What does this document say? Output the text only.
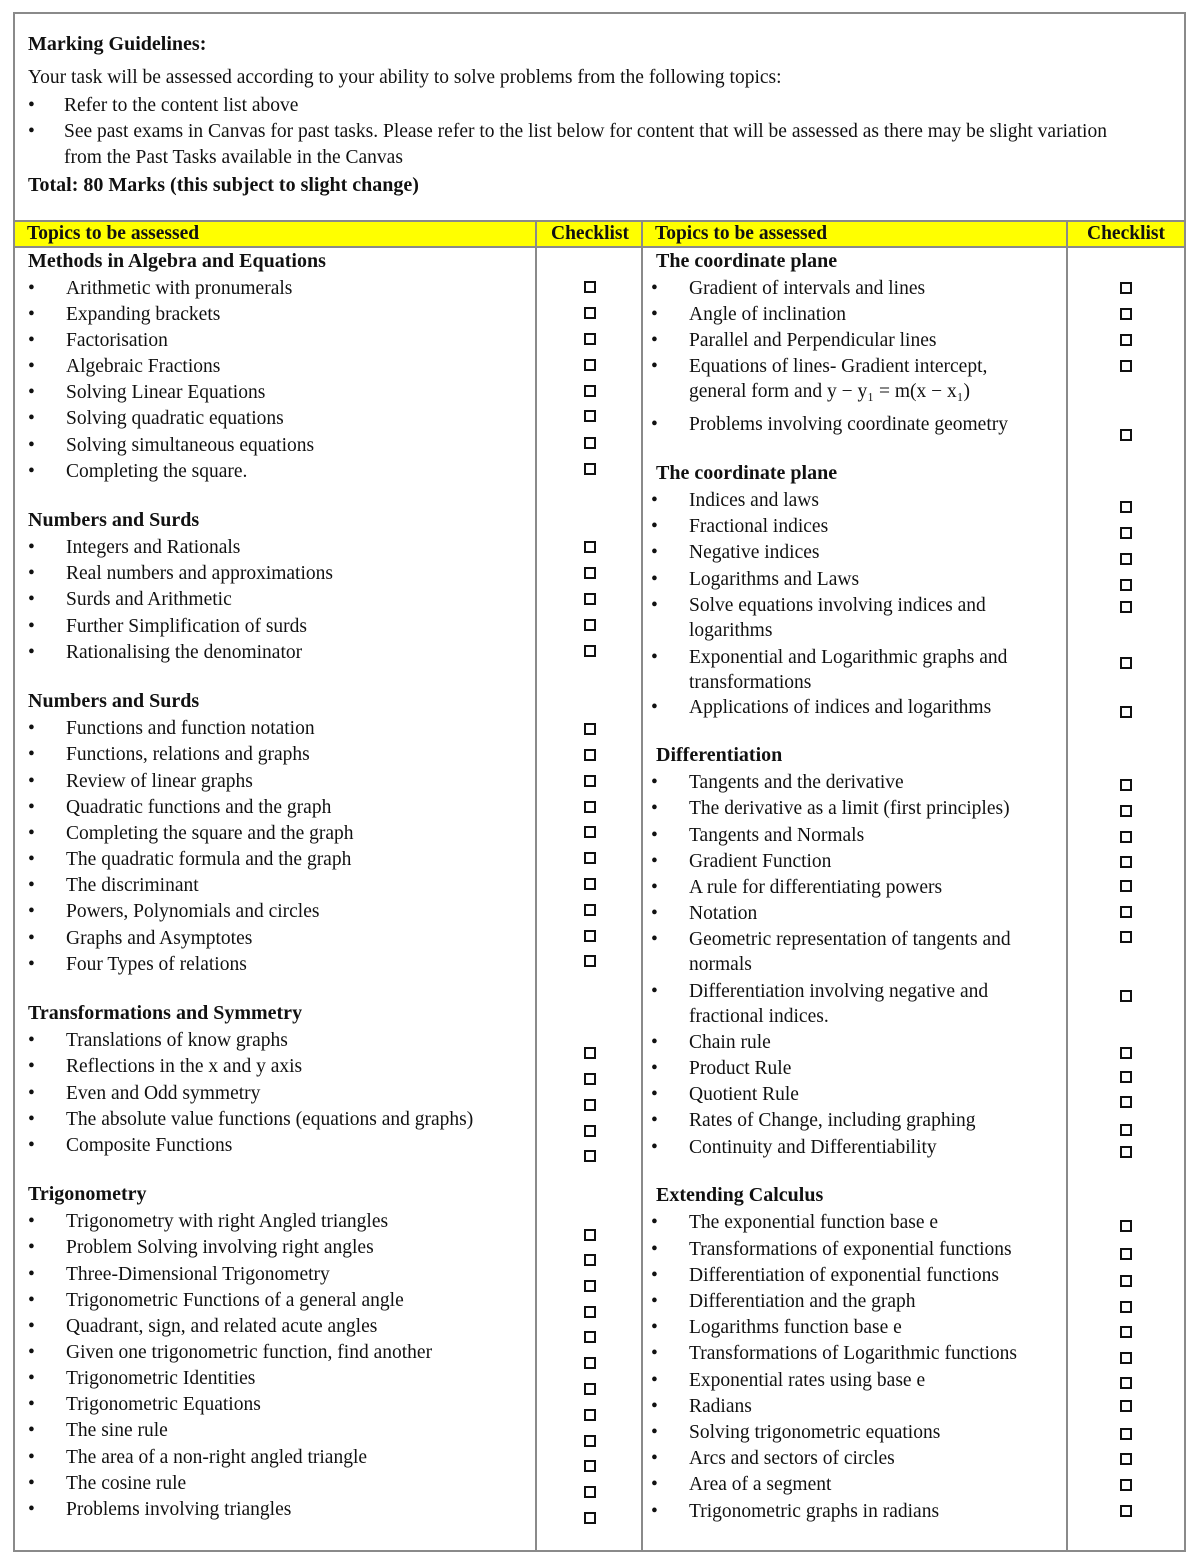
Marking Guidelines:
Your task will be assessed according to your ability to solve problems from the following topics:
•	Refer to the content list above
•	See past exams in Canvas for past tasks. Please refer to the list below for content that will be assessed as there may be slight variation from the Past Tasks available in the Canvas
Total: 80 Marks (this subject to slight change)
Topics to be assessed	Checklist	Topics to be assessed	Checklist
Methods in Algebra and Equations
•	Arithmetic with pronumerals
•	Expanding brackets
•	Factorisation
•	Algebraic Fractions
•	Solving Linear Equations
•	Solving quadratic equations
•	Solving simultaneous equations
•	Completing the square.
Numbers and Surds
•	Integers and Rationals
•	Real numbers and approximations
•	Surds and Arithmetic
•	Further Simplification of surds
•	Rationalising the denominator
Numbers and Surds
•	Functions and function notation
•	Functions, relations and graphs
•	Review of linear graphs
•	Quadratic functions and the graph
•	Completing the square and the graph
•	The quadratic formula and the graph
•	The discriminant
•	Powers, Polynomials and circles
•	Graphs and Asymptotes
•	Four Types of relations
Transformations and Symmetry
•	Translations of know graphs
•	Reflections in the x and y axis
•	Even and Odd symmetry
•	The absolute value functions (equations and graphs)
•	Composite Functions
Trigonometry
•	Trigonometry with right Angled triangles
•	Problem Solving involving right angles
•	Three-Dimensional Trigonometry
•	Trigonometric Functions of a general angle
•	Quadrant, sign, and related acute angles
•	Given one trigonometric function, find another
•	Trigonometric Identities
•	Trigonometric Equations
•	The sine rule
•	The area of a non-right angled triangle
•	The cosine rule
•	Problems involving triangles
The coordinate plane
•	Gradient of intervals and lines
•	Angle of inclination
•	Parallel and Perpendicular lines
•	Equations of lines- Gradient intercept, general form and y − y₁ = m(x − x₁)
•	Problems involving coordinate geometry
The coordinate plane
•	Indices and laws
•	Fractional indices
•	Negative indices
•	Logarithms and Laws
•	Solve equations involving indices and logarithms
•	Exponential and Logarithmic graphs and transformations
•	Applications of indices and logarithms
Differentiation
•	Tangents and the derivative
•	The derivative as a limit (first principles)
•	Tangents and Normals
•	Gradient Function
•	A rule for differentiating powers
•	Notation
•	Geometric representation of tangents and normals
•	Differentiation involving negative and fractional indices.
•	Chain rule
•	Product Rule
•	Quotient Rule
•	Rates of Change, including graphing
•	Continuity and Differentiability
Extending Calculus
•	The exponential function base e
•	Transformations of exponential functions
•	Differentiation of exponential functions
•	Differentiation and the graph
•	Logarithms function base e
•	Transformations of Logarithmic functions
•	Exponential rates using base e
•	Radians
•	Solving trigonometric equations
•	Arcs and sectors of circles
•	Area of a segment
•	Trigonometric graphs in radians
